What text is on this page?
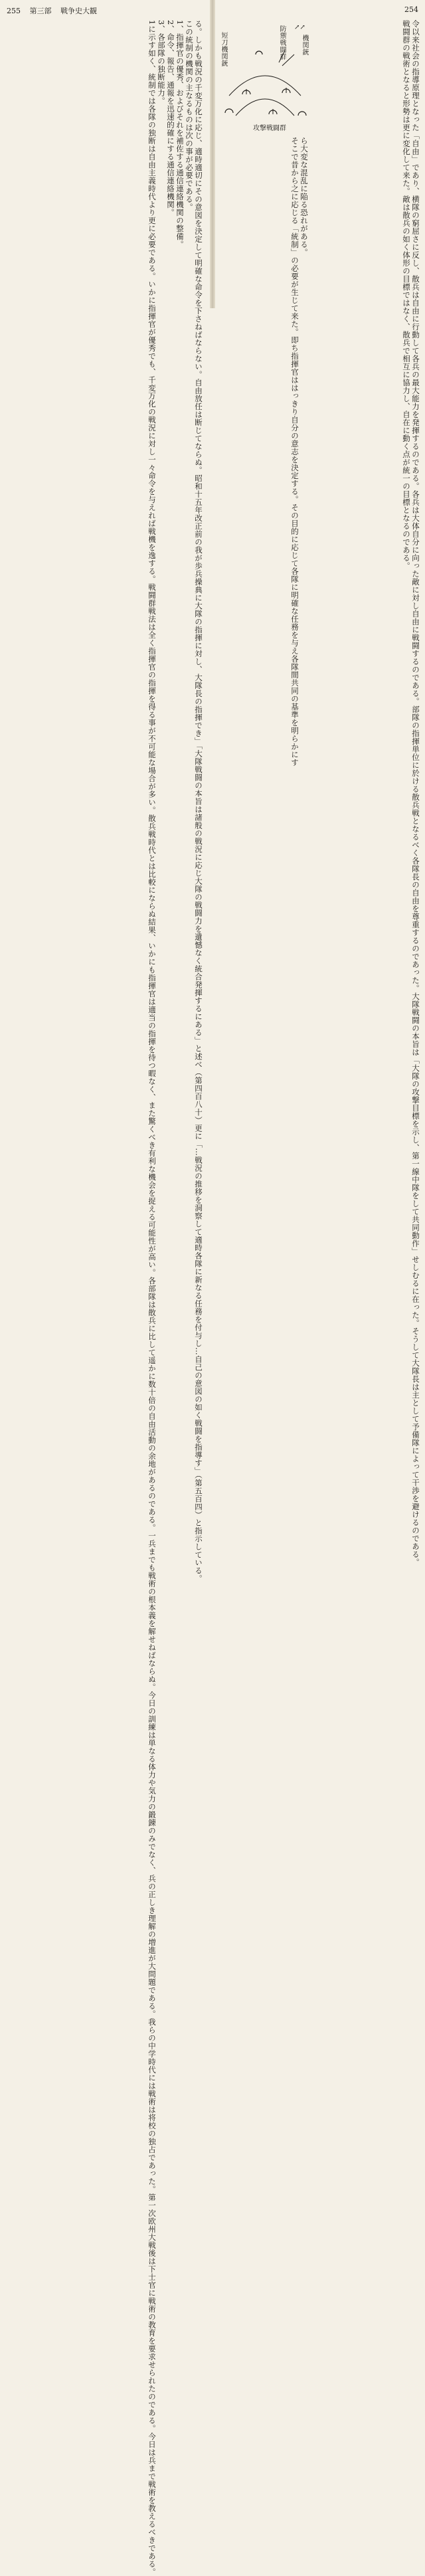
255 第三部 戦争史大観

る。しかも戦況の千変万化に応じ、適時適切にその意図を決定して明確な命令を下さねばならない。自由放任は断じてならぬ。昭和十五年改正前の我が歩兵操典に大隊の指揮に対し、大隊長の指揮でき」「大隊戦闘の本旨は諸般の戦況に応じ大隊の戦闘力を遺憾なく統合発揮するにある」と述べ（第四百八十）更に「…戦況の推移を洞察して適時各隊に新なる任務を付与し…自己の意図の如く戦闘を指導す」（第五百四）と指示している。

この統制の機関の主なるものは次の事が必要である。

1、指揮官の優秀、およびそれを補佐する通信連絡機関の整備。

2、命令、報告、通報を迅速的確にする通信連絡機関。

3、各部隊の独断能力。

1に示す如く、統制では各隊の独断は自由主義時代より更に必要である。いかに指揮官が優秀でも、千変万化の戦況に対し一々命令を与えれば戦機を逸する。戦闘群戦法は全く指揮官の指揮を得る事が不可能な場合が多い。散兵戦時代とは比較にならぬ結果、いかにも指揮官は適当の指揮を待つ暇なく、また驚くべき有利な機会を捉える可能性が高い。各部隊は散兵に比して遥かに数十倍の自由活動の余地があるのである。一兵までも戦術の根本義を解せねばならぬ。今日の訓練は単なる体力や気力の鍛錬のみでなく、兵の正しき理解の増進が大問題である。我らの中学時代には戦術は将校の独占であった。第一次欧州大戦後は下士官に戦術の教育を要求せられたのである。今日は兵まで戦術を教えるべきである。

254

令以来社会の指導原理となった「自由」であり、横隊の窮屈さに反し、散兵は自由に行動して各兵の最大能力を発揮するのである。各兵は大体自分に向った敵に対し自由に戦闘するのである。部隊の指揮単位に於ける散兵戦となるべく各隊長の自由を尊重するのであった。大隊戦闘の本旨は「大隊の攻撃目標を示し、第一線中隊をして共同動作」せしむるに在った。そうして大隊長は主として予備隊によって干渉を避けるのである。

戦闘群の戦術となると形勢は更に変化して来た。敵は散兵の如く体形の目標ではなく、散兵で相互に協力し、自在に動く点が統一の目標となるのである。

ら大変な混乱に陥る恐れがある。

そこで昔から之に応じる「統制」の必要が生じて来た。即ち指揮官ははっきり自分の意志を決定する。その目的に応じて各隊に明確な任務を与え各隊間共同の基準を明らかにす

↗↗
機関銃
防禦戦闘群
短刀機関銃
攻撃戦闘群
